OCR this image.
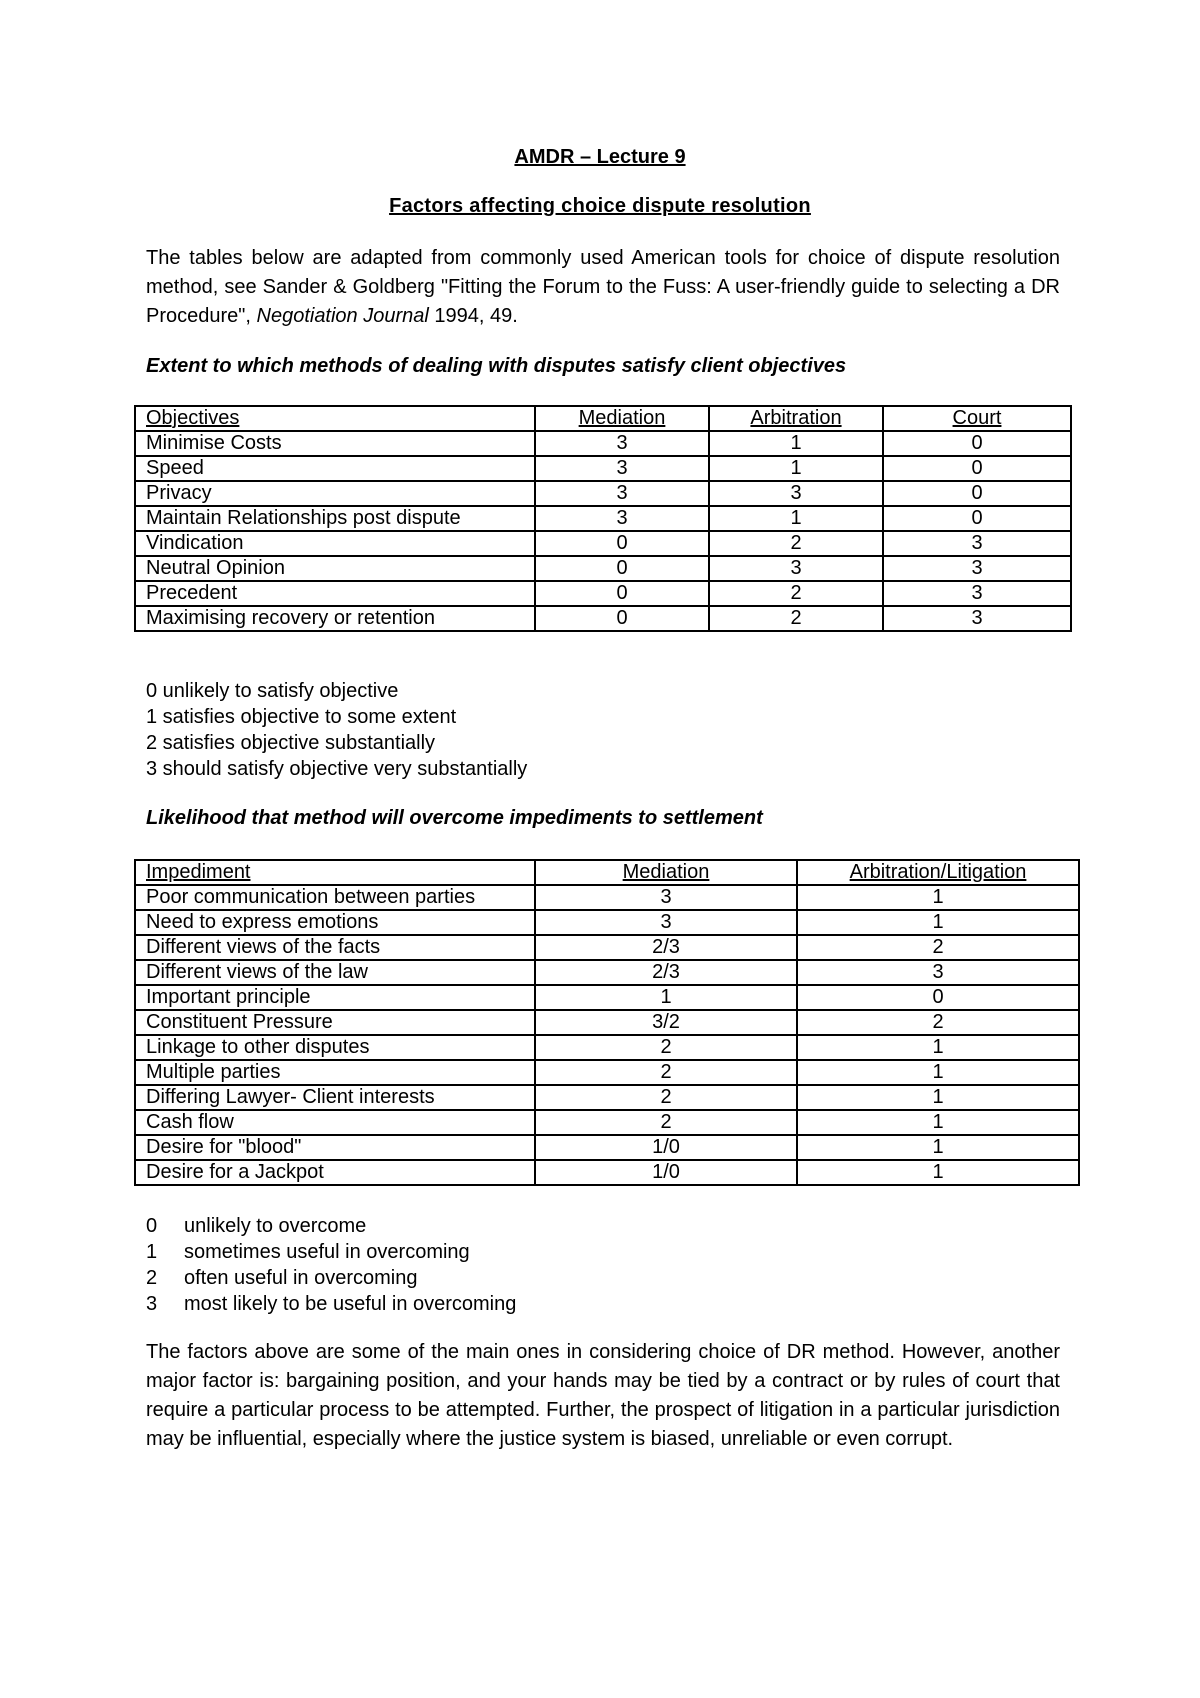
AMDR – Lecture 9
Factors affecting choice dispute resolution

The tables below are adapted from commonly used American tools for choice of dispute resolution method, see Sander & Goldberg "Fitting the Forum to the Fuss: A user-friendly guide to selecting a DR Procedure", Negotiation Journal 1994, 49.

Extent to which methods of dealing with disputes satisfy client objectives
Objectives	Mediation	Arbitration	Court
Minimise Costs	3	1	0
Speed	3	1	0
Privacy	3	3	0
Maintain Relationships post dispute	3	1	0
Vindication	0	2	3
Neutral Opinion	0	3	3
Precedent	0	2	3
Maximising recovery or retention	0	2	3
0 unlikely to satisfy objective
1 satisfies objective to some extent
2 satisfies objective substantially
3 should satisfy objective very substantially
Likelihood that method will overcome impediments to settlement
Impediment	Mediation	Arbitration/Litigation
Poor communication between parties	3	1
Need to express emotions	3	1
Different views of the facts	2/3	2
Different views of the law	2/3	3
Important principle	1	0
Constituent Pressure	3/2	2
Linkage to other disputes	2	1
Multiple parties	2	1
Differing Lawyer- Client interests	2	1
Cash flow	2	1
Desire for "blood"	1/0	1
Desire for a Jackpot	1/0	1
0	unlikely to overcome
1	sometimes useful in overcoming
2	often useful in overcoming
3	most likely to be useful in overcoming

The factors above are some of the main ones in considering choice of DR method. However, another major factor is: bargaining position, and your hands may be tied by a contract or by rules of court that require a particular process to be attempted. Further, the prospect of litigation in a particular jurisdiction may be influential, especially where the justice system is biased, unreliable or even corrupt.
